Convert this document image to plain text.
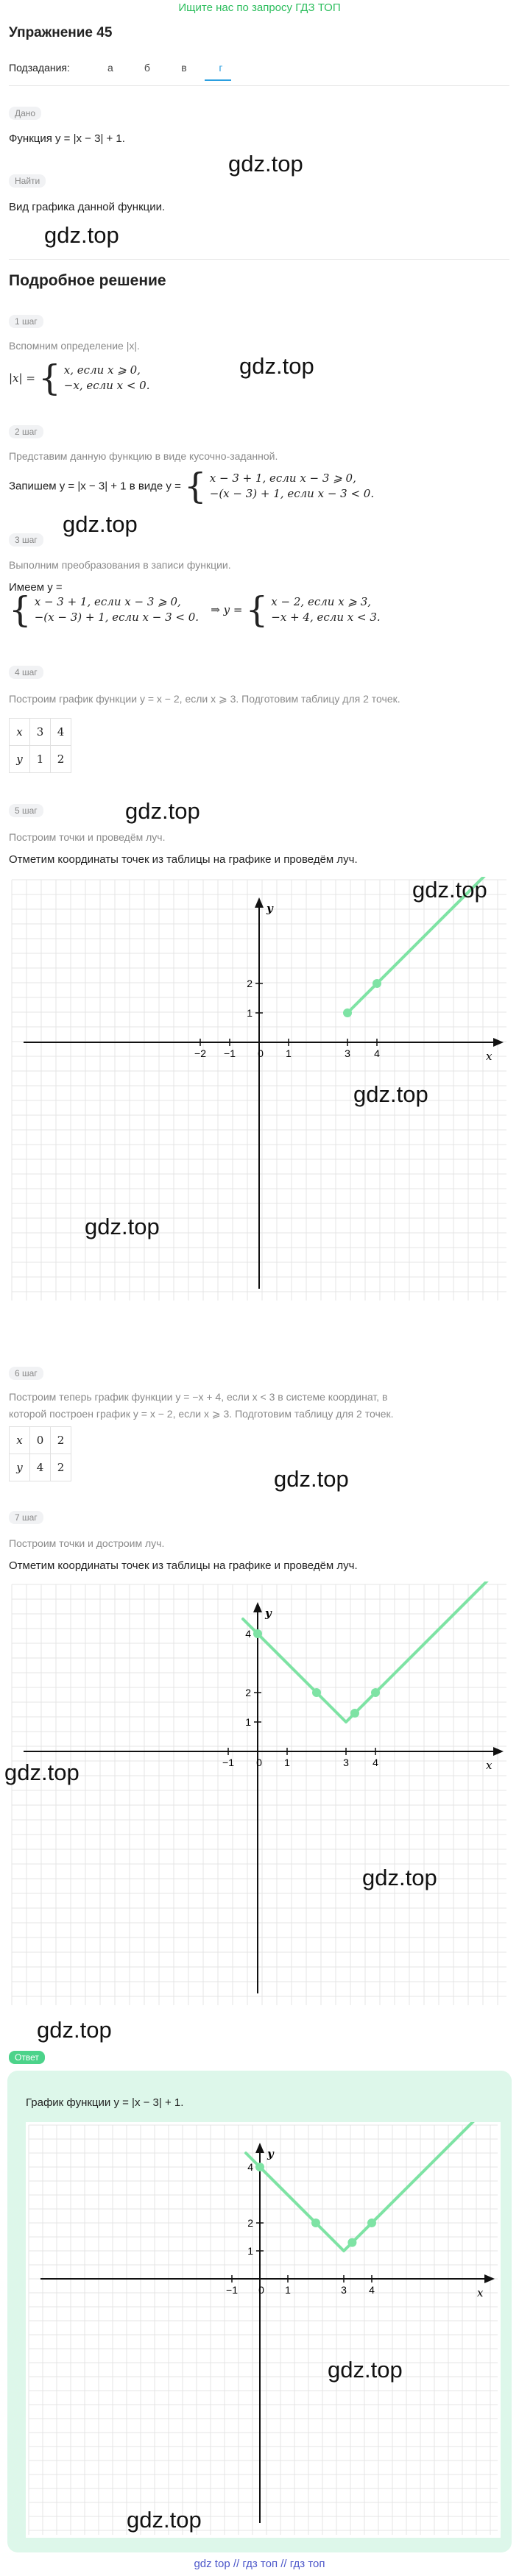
Ищите нас по запросу ГДЗ ТОП
Упражнение 45
Подзадания:	а	б	в	г
Дано
Функция y = |x − 3| + 1.
Найти
Вид графика данной функции.
Подробное решение
1 шаг
Вспомним определение |x|.
|x| = { x, если x ⩾ 0,
−x, если x < 0.
2 шаг
Представим данную функцию в виде кусочно-заданной.
Запишем y = |x − 3| + 1 в виде y = { x − 3 + 1, если x − 3 ⩾ 0,
−(x − 3) + 1, если x − 3 < 0.
3 шаг
Выполним преобразования в записи функции.
Имеем y =
{ x − 3 + 1, если x − 3 ⩾ 0,
−(x − 3) + 1, если x − 3 < 0. ⇒ y = { x − 2, если x ⩾ 3,
−x + 4, если x < 3.
4 шаг
Построим график функции y = x − 2, если x ⩾ 3. Подготовим таблицу для 2 точек.
x	3	4
y	1	2
5 шаг
Построим точки и проведём луч.
Отметим координаты точек из таблицы на графике и проведём луч.
x
y
−2 −1 0 1	3 4
2
1
6 шаг
Построим теперь график функции y = −x + 4, если x < 3 в системе координат, в
которой построен график y = x − 2, если x ⩾ 3. Подготовим таблицу для 2 точек.
x	0	2
y	4	2
7 шаг
Построим точки и достроим луч.
Отметим координаты точек из таблицы на графике и проведём луч.
x
y
−1 0 1	3 4
4
2
1
Ответ
График функции y = |x − 3| + 1.
x
y
−1 0 1	3 4
4
2
1
gdz.top
gdz.top
gdz.top
gdz.top
gdz.top
gdz.top
gdz.top
gdz.top
gdz.top
gdz.top
gdz.top
gdz.top
gdz.top
gdz.top
gdz top // гдз топ // гдз топ
